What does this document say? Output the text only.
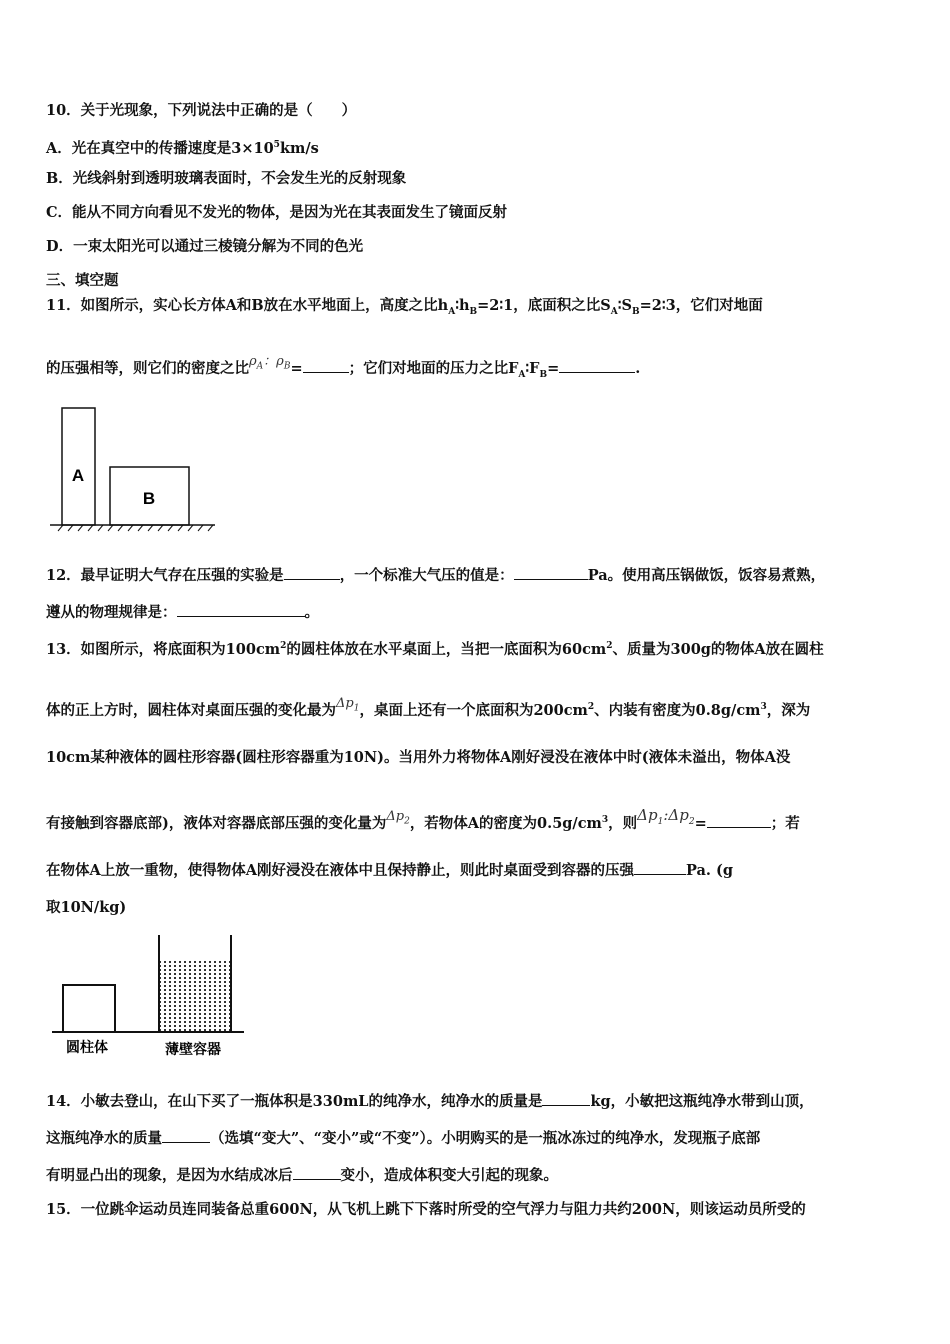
10．关于光现象，下列说法中正确的是（　　）
A．光在真空中的传播速度是$3\times 10^5km/s$
B．光线斜射到透明玻璃表面时，不会发生光的反射现象
C．能从不同方向看见不发光的物体，是因为光在其表面发生了镜面反射
D．一束太阳光可以通过三棱镜分解为不同的色光
三、填空题
11．如图所示，实心长方体A和B放在水平地面上，高度之比$h_A∶h_B=2∶1$，底面积之比$S_A∶S_B=2∶3$，它们对地面
的压强相等，则它们的密度之比$\rho_A$：$\rho_B=$	；它们对地面的压力之比$F_A∶F_B=$	.
A
B
12．最早证明大气存在压强的实验是	，一个标准大气压的值是：	Pa。使用高压锅做饭，饭容易煮熟，
遵从的物理规律是：	。
13．如图所示，将底面积为$100cm^2$的圆柱体放在水平桌面上，当把一底面积为$60cm^2$、质量为300g的物体A放在圆柱
体的正上方时，圆柱体对桌面压强的变化最为$\Delta p_1$，桌面上还有一个底面积为$200cm^2$、内装有密度为$0.8g/cm^3$，深为
10cm某种液体的圆柱形容器(圆柱形容器重为10N)。当用外力将物体A刚好浸没在液体中时(液体未溢出，物体A没
有接触到容器底部)，液体对容器底部压强的变化量为$\Delta p_2$，若物体A的密度为$0.5g/cm^3$，则$\Delta p_1:\Delta p_2=$	；若
在物体A上放一重物，使得物体A刚好浸没在液体中且保持静止，则此时桌面受到容器的压强	Pa. (g
取10N/kg)
圆柱体	薄壁容器
14．小敏去登山，在山下买了一瓶体积是330mL的纯净水，纯净水的质量是	kg，小敏把这瓶纯净水带到山顶，
这瓶纯净水的质量	（选填“变大”、“变小”或“不变”）。小明购买的是一瓶冰冻过的纯净水，发现瓶子底部
有明显凸出的现象，是因为水结成冰后	变小，造成体积变大引起的现象。
15．一位跳伞运动员连同装备总重600N，从飞机上跳下下落时所受的空气浮力与阻力共约200N，则该运动员所受的
